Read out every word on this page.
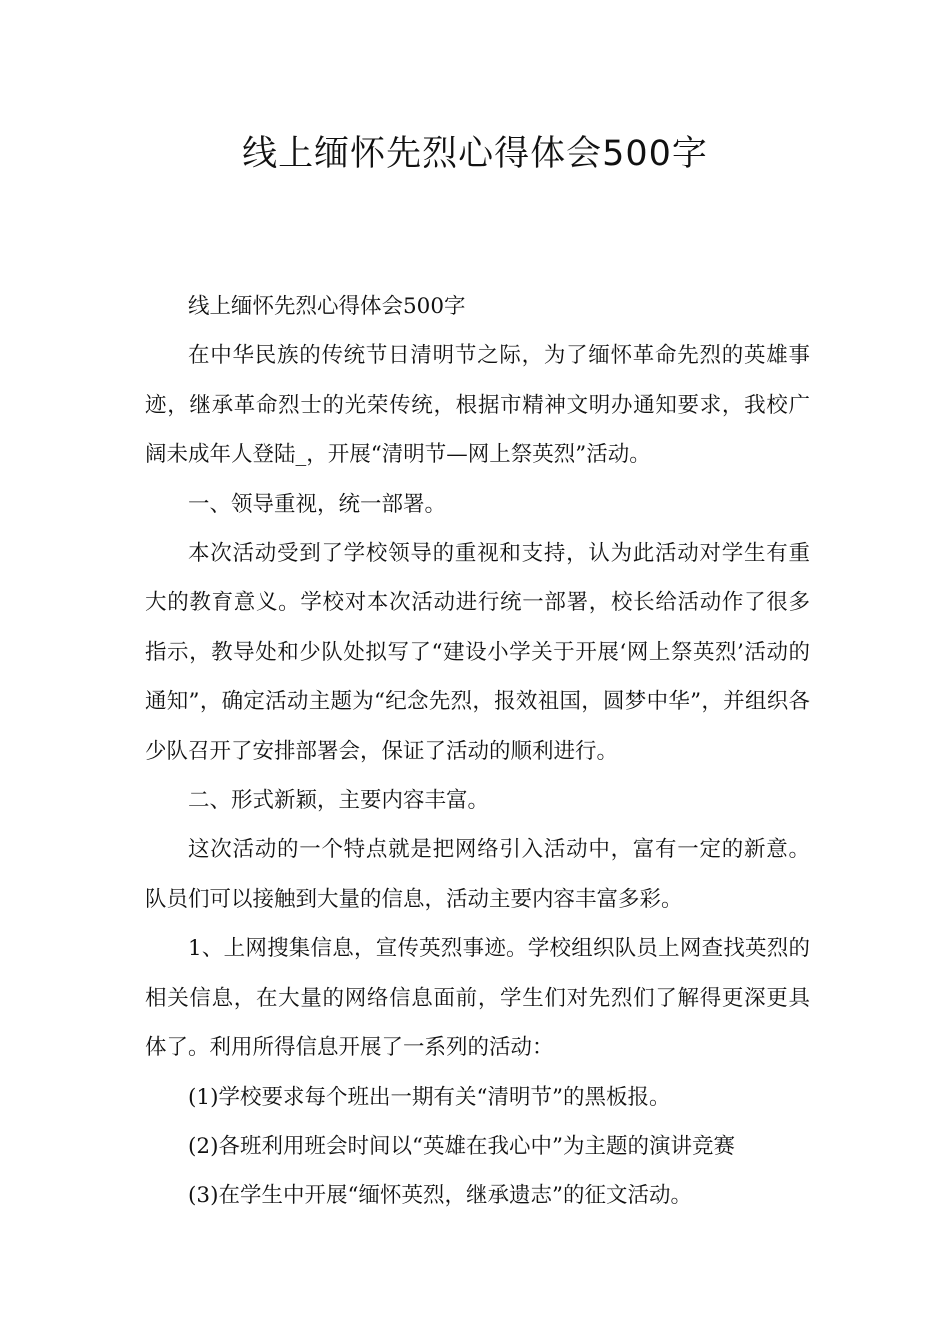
线上缅怀先烈心得体会500字

线上缅怀先烈心得体会500字

在中华民族的传统节日清明节之际，为了缅怀革命先烈的英雄事迹，继承革命烈士的光荣传统，根据市精神文明办通知要求，我校广阔未成年人登陆_，开展“清明节—网上祭英烈”活动。

一、领导重视，统一部署。

本次活动受到了学校领导的重视和支持，认为此活动对学生有重大的教育意义。学校对本次活动进行统一部署，校长给活动作了很多指示，教导处和少队处拟写了“建设小学关于开展‘网上祭英烈’活动的通知”，确定活动主题为“纪念先烈，报效祖国，圆梦中华”，并组织各少队召开了安排部署会，保证了活动的顺利进行。

二、形式新颖，主要内容丰富。

这次活动的一个特点就是把网络引入活动中，富有一定的新意。队员们可以接触到大量的信息，活动主要内容丰富多彩。

1、上网搜集信息，宣传英烈事迹。学校组织队员上网查找英烈的相关信息，在大量的网络信息面前，学生们对先烈们了解得更深更具体了。利用所得信息开展了一系列的活动：

(1)学校要求每个班出一期有关“清明节”的黑板报。

(2)各班利用班会时间以“英雄在我心中”为主题的演讲竞赛

(3)在学生中开展“缅怀英烈，继承遗志”的征文活动。
